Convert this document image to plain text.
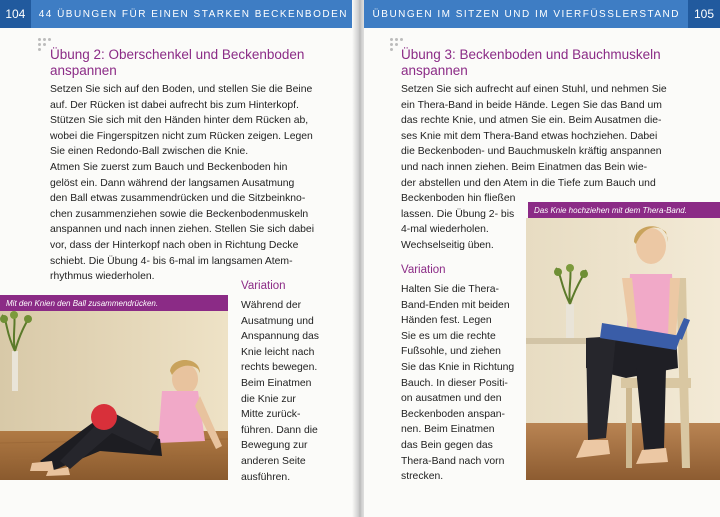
104	44 ÜBUNGEN FÜR EINEN STARKEN BECKENBODEN
Übung 2: Oberschenkel und Beckenboden
anspannen
Setzen Sie sich auf den Boden, und stellen Sie die Beine
auf. Der Rücken ist dabei aufrecht bis zum Hinterkopf.
Stützen Sie sich mit den Händen hinter dem Rücken ab,
wobei die Fingerspitzen nicht zum Rücken zeigen. Legen
Sie einen Redondo-Ball zwischen die Knie.
Atmen Sie zuerst zum Bauch und Beckenboden hin
gelöst ein. Dann während der langsamen Ausatmung
den Ball etwas zusammendrücken und die Sitzbeinkno-
chen zusammenziehen sowie die Beckenbodenmuskeln
anspannen und nach innen ziehen. Stellen Sie sich dabei
vor, dass der Hinterkopf nach oben in Richtung Decke
schiebt. Die Übung 4- bis 6-mal im langsamen Atem-
rhythmus wiederholen.
Variation
Während der
Ausatmung und
Anspannung das
Knie leicht nach
rechts bewegen.
Beim Einatmen
die Knie zur
Mitte zurück-
führen. Dann die
Bewegung zur
anderen Seite
ausführen.
Mit den Knien den Ball zusammendrücken.
ÜBUNGEN IM SITZEN UND IM VIERFÜSSLERSTAND	105
Übung 3: Beckenboden und Bauchmuskeln
anspannen
Setzen Sie sich aufrecht auf einen Stuhl, und nehmen Sie
ein Thera-Band in beide Hände. Legen Sie das Band um
das rechte Knie, und atmen Sie ein. Beim Ausatmen die-
ses Knie mit dem Thera-Band etwas hochziehen. Dabei
die Beckenboden- und Bauchmuskeln kräftig anspannen
und nach innen ziehen. Beim Einatmen das Bein wie-
der abstellen und den Atem in die Tiefe zum Bauch und
Beckenboden hin fließen
lassen. Die Übung 2- bis
4-mal wiederholen.
Wechselseitig üben.
Variation
Halten Sie die Thera-
Band-Enden mit beiden
Händen fest. Legen
Sie es um die rechte
Fußsohle, und ziehen
Sie das Knie in Richtung
Bauch. In dieser Positi-
on ausatmen und den
Beckenboden anspan-
nen. Beim Einatmen
das Bein gegen das
Thera-Band nach vorn
strecken.
Das Knie hochziehen mit dem Thera-Band.
